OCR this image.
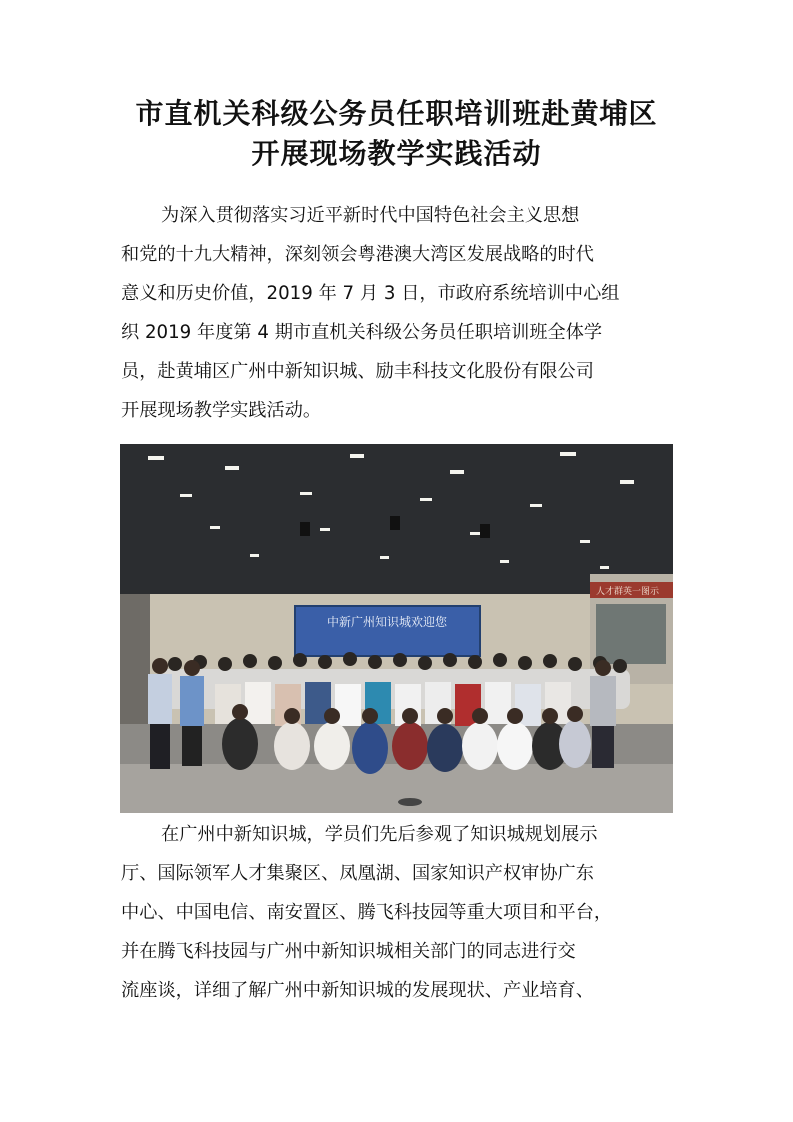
市直机关科级公务员任职培训班赴黄埔区
开展现场教学实践活动

为深入贯彻落实习近平新时代中国特色社会主义思想

和党的十九大精神，深刻领会粤港澳大湾区发展战略的时代

意义和历史价值，2019 年 7 月 3 日，市政府系统培训中心组

织 2019 年度第 4 期市直机关科级公务员任职培训班全体学

员，赴黄埔区广州中新知识城、励丰科技文化股份有限公司

开展现场教学实践活动。

人才群英一图示
中新广州知识城欢迎您

在广州中新知识城，学员们先后参观了知识城规划展示

厅、国际领军人才集聚区、凤凰湖、国家知识产权审协广东

中心、中国电信、南安置区、腾飞科技园等重大项目和平台，

并在腾飞科技园与广州中新知识城相关部门的同志进行交

流座谈，详细了解广州中新知识城的发展现状、产业培育、
